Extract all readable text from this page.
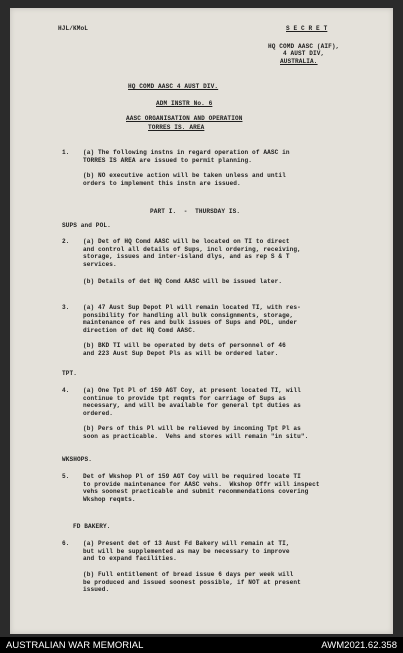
HJL/KMoL	S E C R E T
HQ COMD AASC (AIF),
4 AUST DIV,
AUSTRALIA.
HQ COMD AASC 4 AUST DIV.
ADM INSTR No. 6
AASC ORGANISATION AND OPERATION
TORRES IS. AREA
1. (a) The following instns in regard operation of AASC in
TORRES IS AREA are issued to permit planning.
(b) NO executive action will be taken unless and until
orders to implement this instn are issued.
PART I.  -  THURSDAY IS.
SUPS and POL.
2. (a) Det of HQ Comd AASC will be located on TI to direct
and control all details of Sups, incl ordering, receiving,
storage, issues and inter-island dlys, and as rep S & T
services.
(b) Details of det HQ Comd AASC will be issued later.
3. (a) 47 Aust Sup Depot Pl will remain located TI, with res-
ponsibility for handling all bulk consignments, storage,
maintenance of res and bulk issues of Sups and POL, under
direction of det HQ Comd AASC.
(b) BKD TI will be operated by dets of personnel of 46
and 223 Aust Sup Depot Pls as will be ordered later.
TPT.
4. (a) One Tpt Pl of 159 AGT Coy, at present located TI, will
continue to provide tpt reqmts for carriage of Sups as
necessary, and will be available for general tpt duties as
ordered.
(b) Pers of this Pl will be relieved by incoming Tpt Pl as
soon as practicable.  Vehs and stores will remain "in situ".
WKSHOPS.
5. Det of Wkshop Pl of 159 AGT Coy will be required locate TI
to provide maintenance for AASC vehs.  Wkshop Offr will inspect
vehs soonest practicable and submit recommendations covering
Wkshop reqmts.
FD BAKERY.
6. (a) Present det of 13 Aust Fd Bakery will remain at TI,
but will be supplemented as may be necessary to improve
and to expand facilities.
(b) Full entitlement of bread issue 6 days per week will
be produced and issued soonest possible, if NOT at present
issued.
AUSTRALIAN WAR MEMORIAL	AWM2021.62.358
